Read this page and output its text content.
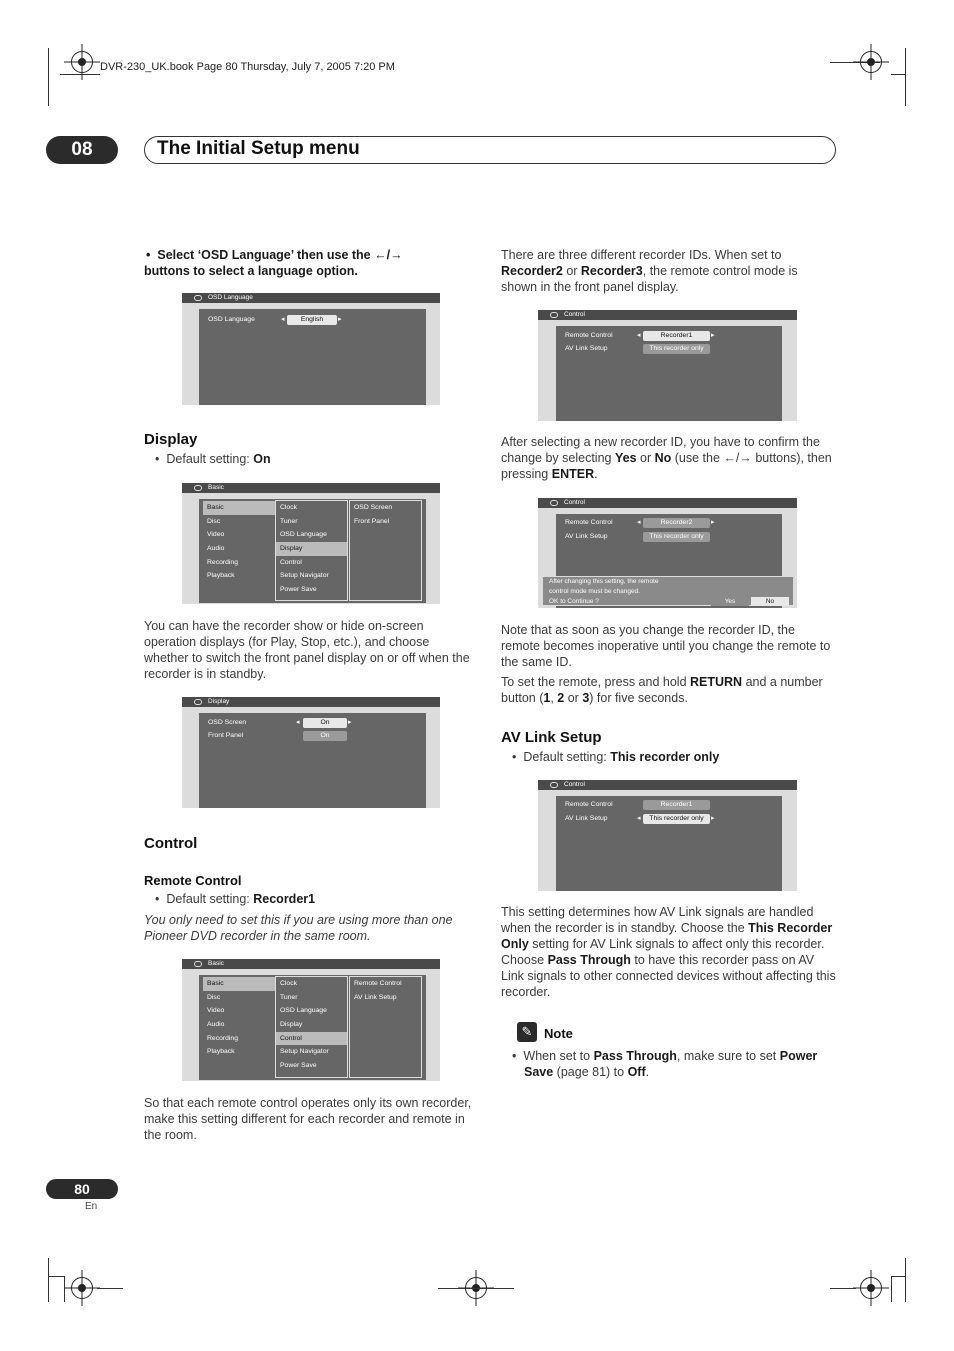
DVR-230_UK.book Page 80 Thursday, July 7, 2005 7:20 PM
08	The Initial Setup menu
• Select ‘OSD Language’ then use the ←/→
buttons to select a language option.
OSD Language
OSD Language	◂	English	▸
Display
• Default setting: On
Basic
Basic
Disc
Video
Audio
Recording
Playback
Clock
Tuner
OSD Language
Display
Control
Setup Navigator
Power Save
OSD Screen
Front Panel

You can have the recorder show or hide on-screen operation displays (for Play, Stop, etc.), and choose whether to switch the front panel display on or off when the recorder is in standby.

Display
OSD Screen	◂	On	▸
Front Panel	On
Control
Remote Control
• Default setting: Recorder1

You only need to set this if you are using more than one Pioneer DVD recorder in the same room.

Basic
Basic
Disc
Video
Audio
Recording
Playback
Clock
Tuner
OSD Language
Display
Control
Setup Navigator
Power Save
Remote Control
AV Link Setup

So that each remote control operates only its own recorder, make this setting different for each recorder and remote in the room.

There are three different recorder IDs. When set to Recorder2 or Recorder3, the remote control mode is shown in the front panel display.

Control
Remote Control	◂	Recorder1	▸
AV Link Setup	This recorder only

After selecting a new recorder ID, you have to confirm the change by selecting Yes or No (use the ←/→ buttons), then pressing ENTER.

Control
Remote Control	◂	Recorder2	▸
AV Link Setup	This recorder only
After changing this setting, the remote
control mode must be changed.
OK to Continue ?	Yes	No

Note that as soon as you change the recorder ID, the remote becomes inoperative until you change the remote to the same ID.

To set the remote, press and hold RETURN and a number button (1, 2 or 3) for five seconds.

AV Link Setup
• Default setting: This recorder only
Control
Remote Control	Recorder1
AV Link Setup	◂	This recorder only	▸

This setting determines how AV Link signals are handled when the recorder is in standby. Choose the This Recorder Only setting for AV Link signals to affect only this recorder. Choose Pass Through to have this recorder pass on AV Link signals to other connected devices without affecting this recorder.

✎ Note
• When set to Pass Through, make sure to set Power Save (page 81) to Off.
80
En
